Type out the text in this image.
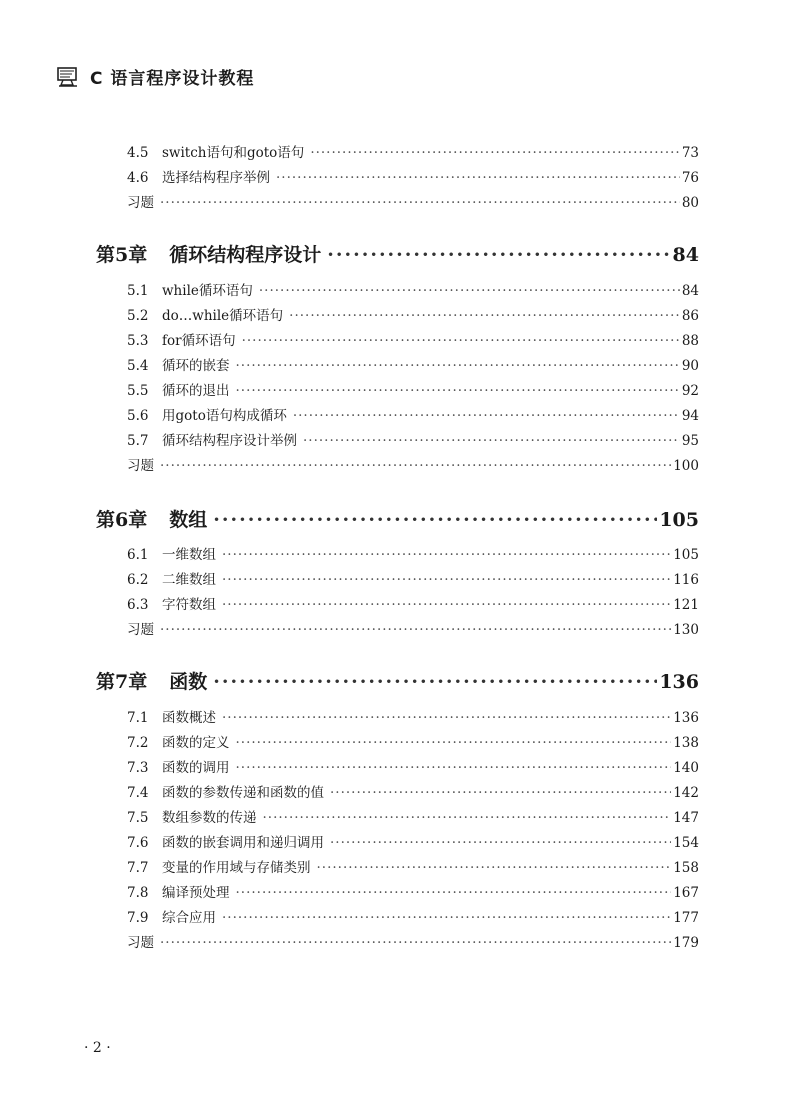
C 语言程序设计教程
4.5	switch语句和goto语句 ·····	73
4.6	选择结构程序举例 ·····	76
习题 ·····	80
第5章 循环结构程序设计 ·····	84
5.1	while循环语句 ·····	84
5.2	do…while循环语句 ·····	86
5.3	for循环语句 ·····	88
5.4	循环的嵌套 ·····	90
5.5	循环的退出 ·····	92
5.6	用goto语句构成循环 ·····	94
5.7	循环结构程序设计举例 ·····	95
习题 ·····	100
第6章 数组 ·····	105
6.1	一维数组 ·····	105
6.2	二维数组 ·····	116
6.3	字符数组 ·····	121
习题 ·····	130
第7章 函数 ·····	136
7.1	函数概述 ·····	136
7.2	函数的定义 ·····	138
7.3	函数的调用 ·····	140
7.4	函数的参数传递和函数的值 ·····	142
7.5	数组参数的传递 ·····	147
7.6	函数的嵌套调用和递归调用 ·····	154
7.7	变量的作用域与存储类别 ·····	158
7.8	编译预处理 ·····	167
7.9	综合应用 ·····	177
习题 ·····	179
· 2 ·
